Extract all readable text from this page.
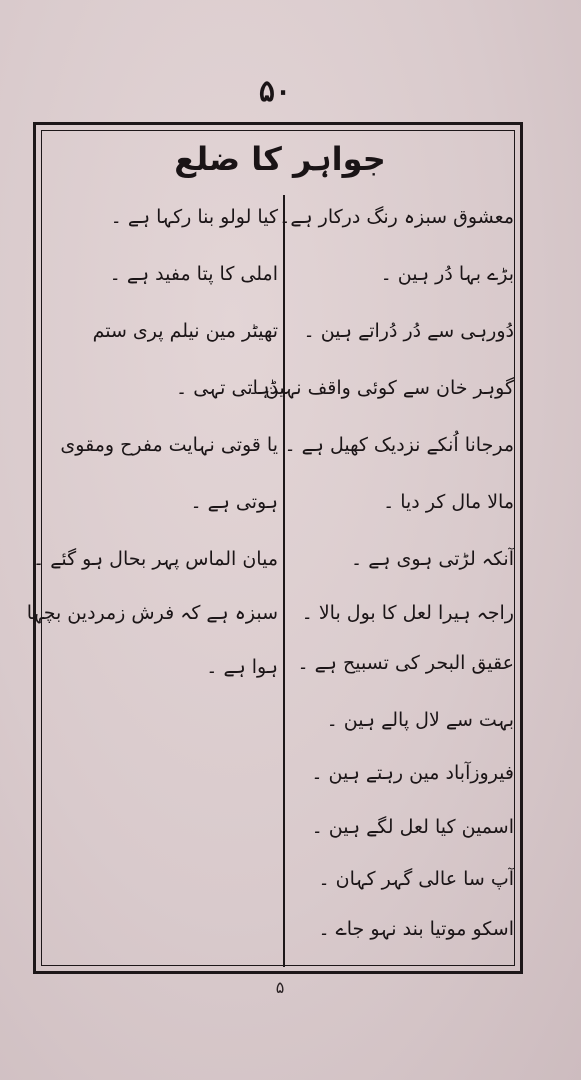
۵۰
جواہر کا ضلع
معشوق سبزہ رنگ درکار ہے۔
بڑے بہا دُر ہین ۔
دُورہی سے دُر دُراتے ہین ۔
گوہر خان سے کوئی واقف نہین ۔
مرجانا اُنکے نزدیک کھیل ہے ۔
مالا مال کر دیا ۔
آنکہ لڑتی ہوی ہے ۔
راجہ ہیرا لعل کا بول بالا ۔
عقیق البحر کی تسبیح ہے ۔
بہت سے لال پالے ہین ۔
فیروزآباد مین رہتے ہین ۔
اسمین کیا لعل لگے ہین ۔
آپ سا عالی گہر کہان ۔
اسکو موتیا بند نہو جاے ۔
کیا لولو بنا رکہا ہے ۔
املی کا پتا مفید ہے ۔
تھیٹر مین نیلم پری ستم
ڈہاتی تہی ۔
یا قوتی نہایت مفرح ومقوی
ہوتی ہے ۔
میان الماس پہر بحال ہو گئے ۔
سبزہ ہے کہ فرش زمردین بچہا
ہوا ہے ۔
۵
